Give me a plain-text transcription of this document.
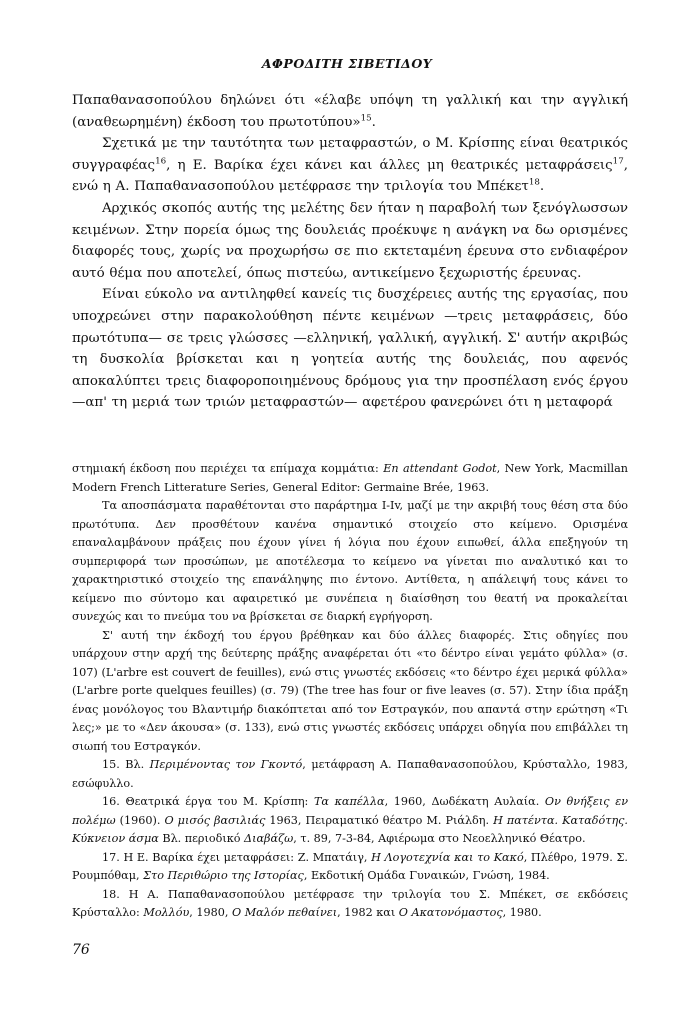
ΑΦΡΟΔΙΤΗ ΣΙΒΕΤΙΔΟΥ

Παπαθανασοπούλου δηλώνει ότι «έλαβε υπόψη τη γαλλική και την αγγλική (αναθεωρημένη) έκδοση του πρωτοτύπου»$^{15}$.

Σχετικά με την ταυτότητα των μεταφραστών, ο Μ. Κρίσπης είναι θεατρικός συγγραφέας$^{16}$, η Ε. Βαρίκα έχει κάνει και άλλες μη θεατρικές μεταφράσεις$^{17}$, ενώ η Α. Παπαθανασοπούλου μετέφρασε την τριλογία του Μπέκετ$^{18}$.

Αρχικός σκοπός αυτής της μελέτης δεν ήταν η παραβολή των ξενόγλωσσων κειμένων. Στην πορεία όμως της δουλειάς προέκυψε η ανάγκη να δω ορισμένες διαφορές τους, χωρίς να προχωρήσω σε πιο εκτεταμένη έρευνα στο ενδιαφέρον αυτό θέμα που αποτελεί, όπως πιστεύω, αντικείμενο ξεχωριστής έρευνας.

Είναι εύκολο να αντιληφθεί κανείς τις δυσχέρειες αυτής της εργασίας, που υποχρεώνει στην παρακολούθηση πέντε κειμένων —τρεις μεταφράσεις, δύο πρωτότυπα— σε τρεις γλώσσες —ελληνική, γαλλική, αγγλική. Σ' αυτήν ακριβώς τη δυσκολία βρίσκεται και η γοητεία αυτής της δουλειάς, που αφενός αποκαλύπτει τρεις διαφοροποιημένους δρόμους για την προσπέλαση ενός έργου —απ' τη μεριά των τριών μεταφραστών— αφετέρου φανερώνει ότι η μεταφορά

στημιακή έκδοση που περιέχει τα επίμαχα κομμάτια: En attendant Godot, New York, Macmillan Modern French Litterature Series, General Editor: Germaine Brée, 1963.

Τα αποσπάσματα παραθέτονται στο παράρτημα I-Iv, μαζί με την ακριβή τους θέση στα δύο πρωτότυπα. Δεν προσθέτουν κανένα σημαντικό στοιχείο στο κείμενο. Ορισμένα επαναλαμβάνουν πράξεις που έχουν γίνει ή λόγια που έχουν ειπωθεί, άλλα επεξηγούν τη συμπεριφορά των προσώπων, με αποτέλεσμα το κείμενο να γίνεται πιο αναλυτικό και το χαρακτηριστικό στοιχείο της επανάληψης πιο έντονο. Αντίθετα, η απάλειψή τους κάνει το κείμενο πιο σύντομο και αφαιρετικό με συνέπεια η διαίσθηση του θεατή να προκαλείται συνεχώς και το πνεύμα του να βρίσκεται σε διαρκή εγρήγορση.

Σ' αυτή την έκδοχή του έργου βρέθηκαν και δύο άλλες διαφορές. Στις οδηγίες που υπάρχουν στην αρχή της δεύτερης πράξης αναφέρεται ότι «το δέντρο είναι γεμάτο φύλλα» (σ. 107) (L'arbre est couvert de feuilles), ενώ στις γνωστές εκδόσεις «το δέντρο έχει μερικά φύλλα» (L'arbre porte quelques feuilles) (σ. 79) (The tree has four or five leaves (σ. 57). Στην ίδια πράξη ένας μονόλογος του Βλαντιμήρ διακόπτεται από τον Εστραγκόν, που απαντά στην ερώτηση «Τι λες;» με το «Δεν άκουσα» (σ. 133), ενώ στις γνωστές εκδόσεις υπάρχει οδηγία που επιβάλλει τη σιωπή του Εστραγκόν.

15. Βλ. Περιμένοντας τον Γκοντό, μετάφραση Α. Παπαθανασοπούλου, Κρύσταλλο, 1983, εσώφυλλο.

16. Θεατρικά έργα του Μ. Κρίσπη: Τα καπέλλα, 1960, Δωδέκατη Αυλαία. Ον θνήξεις εν πολέμω (1960). Ο μισός βασιλιάς 1963, Πειραματικό θέατρο Μ. Ριάλδη. Η πατέντα. Καταδότης. Κύκνειον άσμα Βλ. περιοδικό Διαβάζω, τ. 89, 7-3-84, Αφιέρωμα στο Νεοελληνικό Θέατρο.

17. Η Ε. Βαρίκα έχει μεταφράσει: Ζ. Μπατάιγ, Η Λογοτεχνία και το Κακό, Πλέθρο, 1979. Σ. Ρουμπόθαμ, Στο Περιθώριο της Ιστορίας, Εκδοτική Ομάδα Γυναικών, Γνώση, 1984.

18. Η Α. Παπαθανασοπούλου μετέφρασε την τριλογία του Σ. Μπέκετ, σε εκδόσεις Κρύσταλλο: Μολλόυ, 1980, Ο Μαλόν πεθαίνει, 1982 και Ο Ακατονόμαστος, 1980.

76
